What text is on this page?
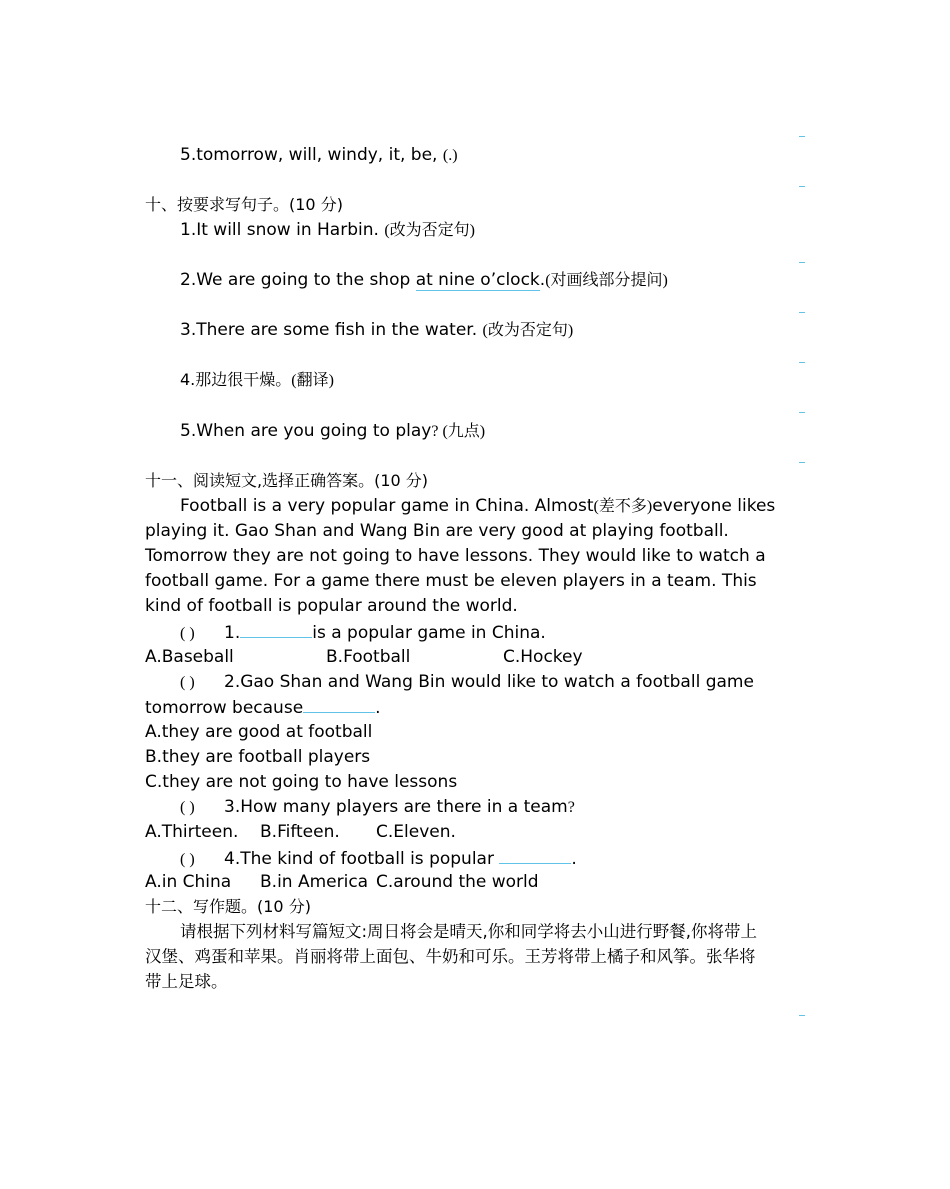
5.tomorrow, will, windy, it, be, (.)
十、按要求写句子。(10 分)
1.It will snow in Harbin. (改为否定句)
2.We are going to the shop at nine o’clock.(对画线部分提问)
3.There are some fish in the water. (改为否定句)
4.那边很干燥。(翻译)
5.When are you going to play? (九点)
十一、阅读短文,选择正确答案。(10 分)
Football is a very popular game in China. Almost(差不多)everyone likes
playing it. Gao Shan and Wang Bin are very good at playing football.
Tomorrow they are not going to have lessons. They would like to watch a
football game. For a game there must be eleven players in a team. This
kind of football is popular around the world.
( ) 1.	is a popular game in China.
A.Baseball	B.Football	C.Hockey
( ) 2.Gao Shan and Wang Bin would like to watch a football game
tomorrow because	.
A.they are good at football
B.they are football players
C.they are not going to have lessons
( ) 3.How many players are there in a team?
A.Thirteen. B.Fifteen. C.Eleven.
( ) 4.The kind of football is popular	.
A.in China B.in America C.around the world
十二、写作题。(10 分)
请根据下列材料写篇短文:周日将会是晴天,你和同学将去小山进行野餐,你将带上
汉堡、鸡蛋和苹果。肖丽将带上面包、牛奶和可乐。王芳将带上橘子和风筝。张华将
带上足球。
